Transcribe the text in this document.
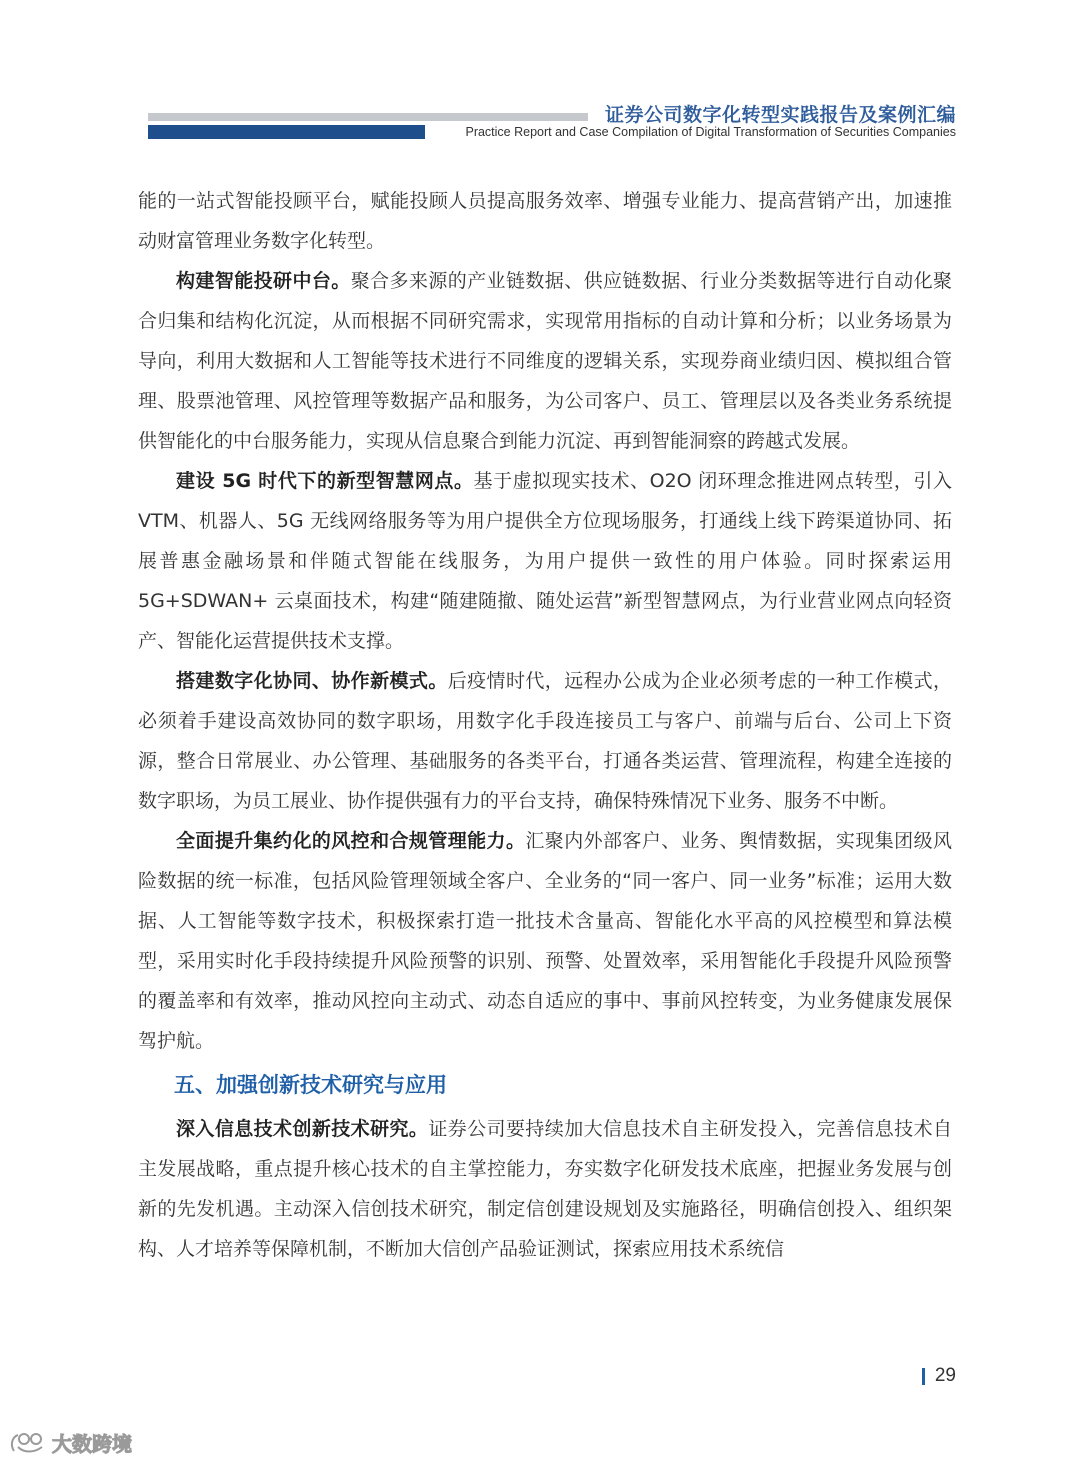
证券公司数字化转型实践报告及案例汇编
Practice Report and Case Compilation of Digital Transformation of Securities Companies

能的一站式智能投顾平台，赋能投顾人员提高服务效率、增强专业能力、提高营销产出，加速推动财富管理业务数字化转型。

构建智能投研中台。聚合多来源的产业链数据、供应链数据、行业分类数据等进行自动化聚合归集和结构化沉淀，从而根据不同研究需求，实现常用指标的自动计算和分析；以业务场景为导向，利用大数据和人工智能等技术进行不同维度的逻辑关系，实现券商业绩归因、模拟组合管理、股票池管理、风控管理等数据产品和服务，为公司客户、员工、管理层以及各类业务系统提供智能化的中台服务能力，实现从信息聚合到能力沉淀、再到智能洞察的跨越式发展。

建设 5G 时代下的新型智慧网点。基于虚拟现实技术、O2O 闭环理念推进网点转型，引入 VTM、机器人、5G 无线网络服务等为用户提供全方位现场服务，打通线上线下跨渠道协同、拓展普惠金融场景和伴随式智能在线服务，为用户提供一致性的用户体验。同时探索运用 5G+SDWAN+ 云桌面技术，构建“随建随撤、随处运营”新型智慧网点，为行业营业网点向轻资产、智能化运营提供技术支撑。

搭建数字化协同、协作新模式。后疫情时代，远程办公成为企业必须考虑的一种工作模式，必须着手建设高效协同的数字职场，用数字化手段连接员工与客户、前端与后台、公司上下资源，整合日常展业、办公管理、基础服务的各类平台，打通各类运营、管理流程，构建全连接的数字职场，为员工展业、协作提供强有力的平台支持，确保特殊情况下业务、服务不中断。

全面提升集约化的风控和合规管理能力。汇聚内外部客户、业务、舆情数据，实现集团级风险数据的统一标准，包括风险管理领域全客户、全业务的“同一客户、同一业务”标准；运用大数据、人工智能等数字技术，积极探索打造一批技术含量高、智能化水平高的风控模型和算法模型，采用实时化手段持续提升风险预警的识别、预警、处置效率，采用智能化手段提升风险预警的覆盖率和有效率，推动风控向主动式、动态自适应的事中、事前风控转变，为业务健康发展保驾护航。

五、加强创新技术研究与应用

深入信息技术创新技术研究。证券公司要持续加大信息技术自主研发投入，完善信息技术自主发展战略，重点提升核心技术的自主掌控能力，夯实数字化研发技术底座，把握业务发展与创新的先发机遇。主动深入信创技术研究，制定信创建设规划及实施路径，明确信创投入、组织架构、人才培养等保障机制，不断加大信创产品验证测试，探索应用技术系统信

29
大数跨境
